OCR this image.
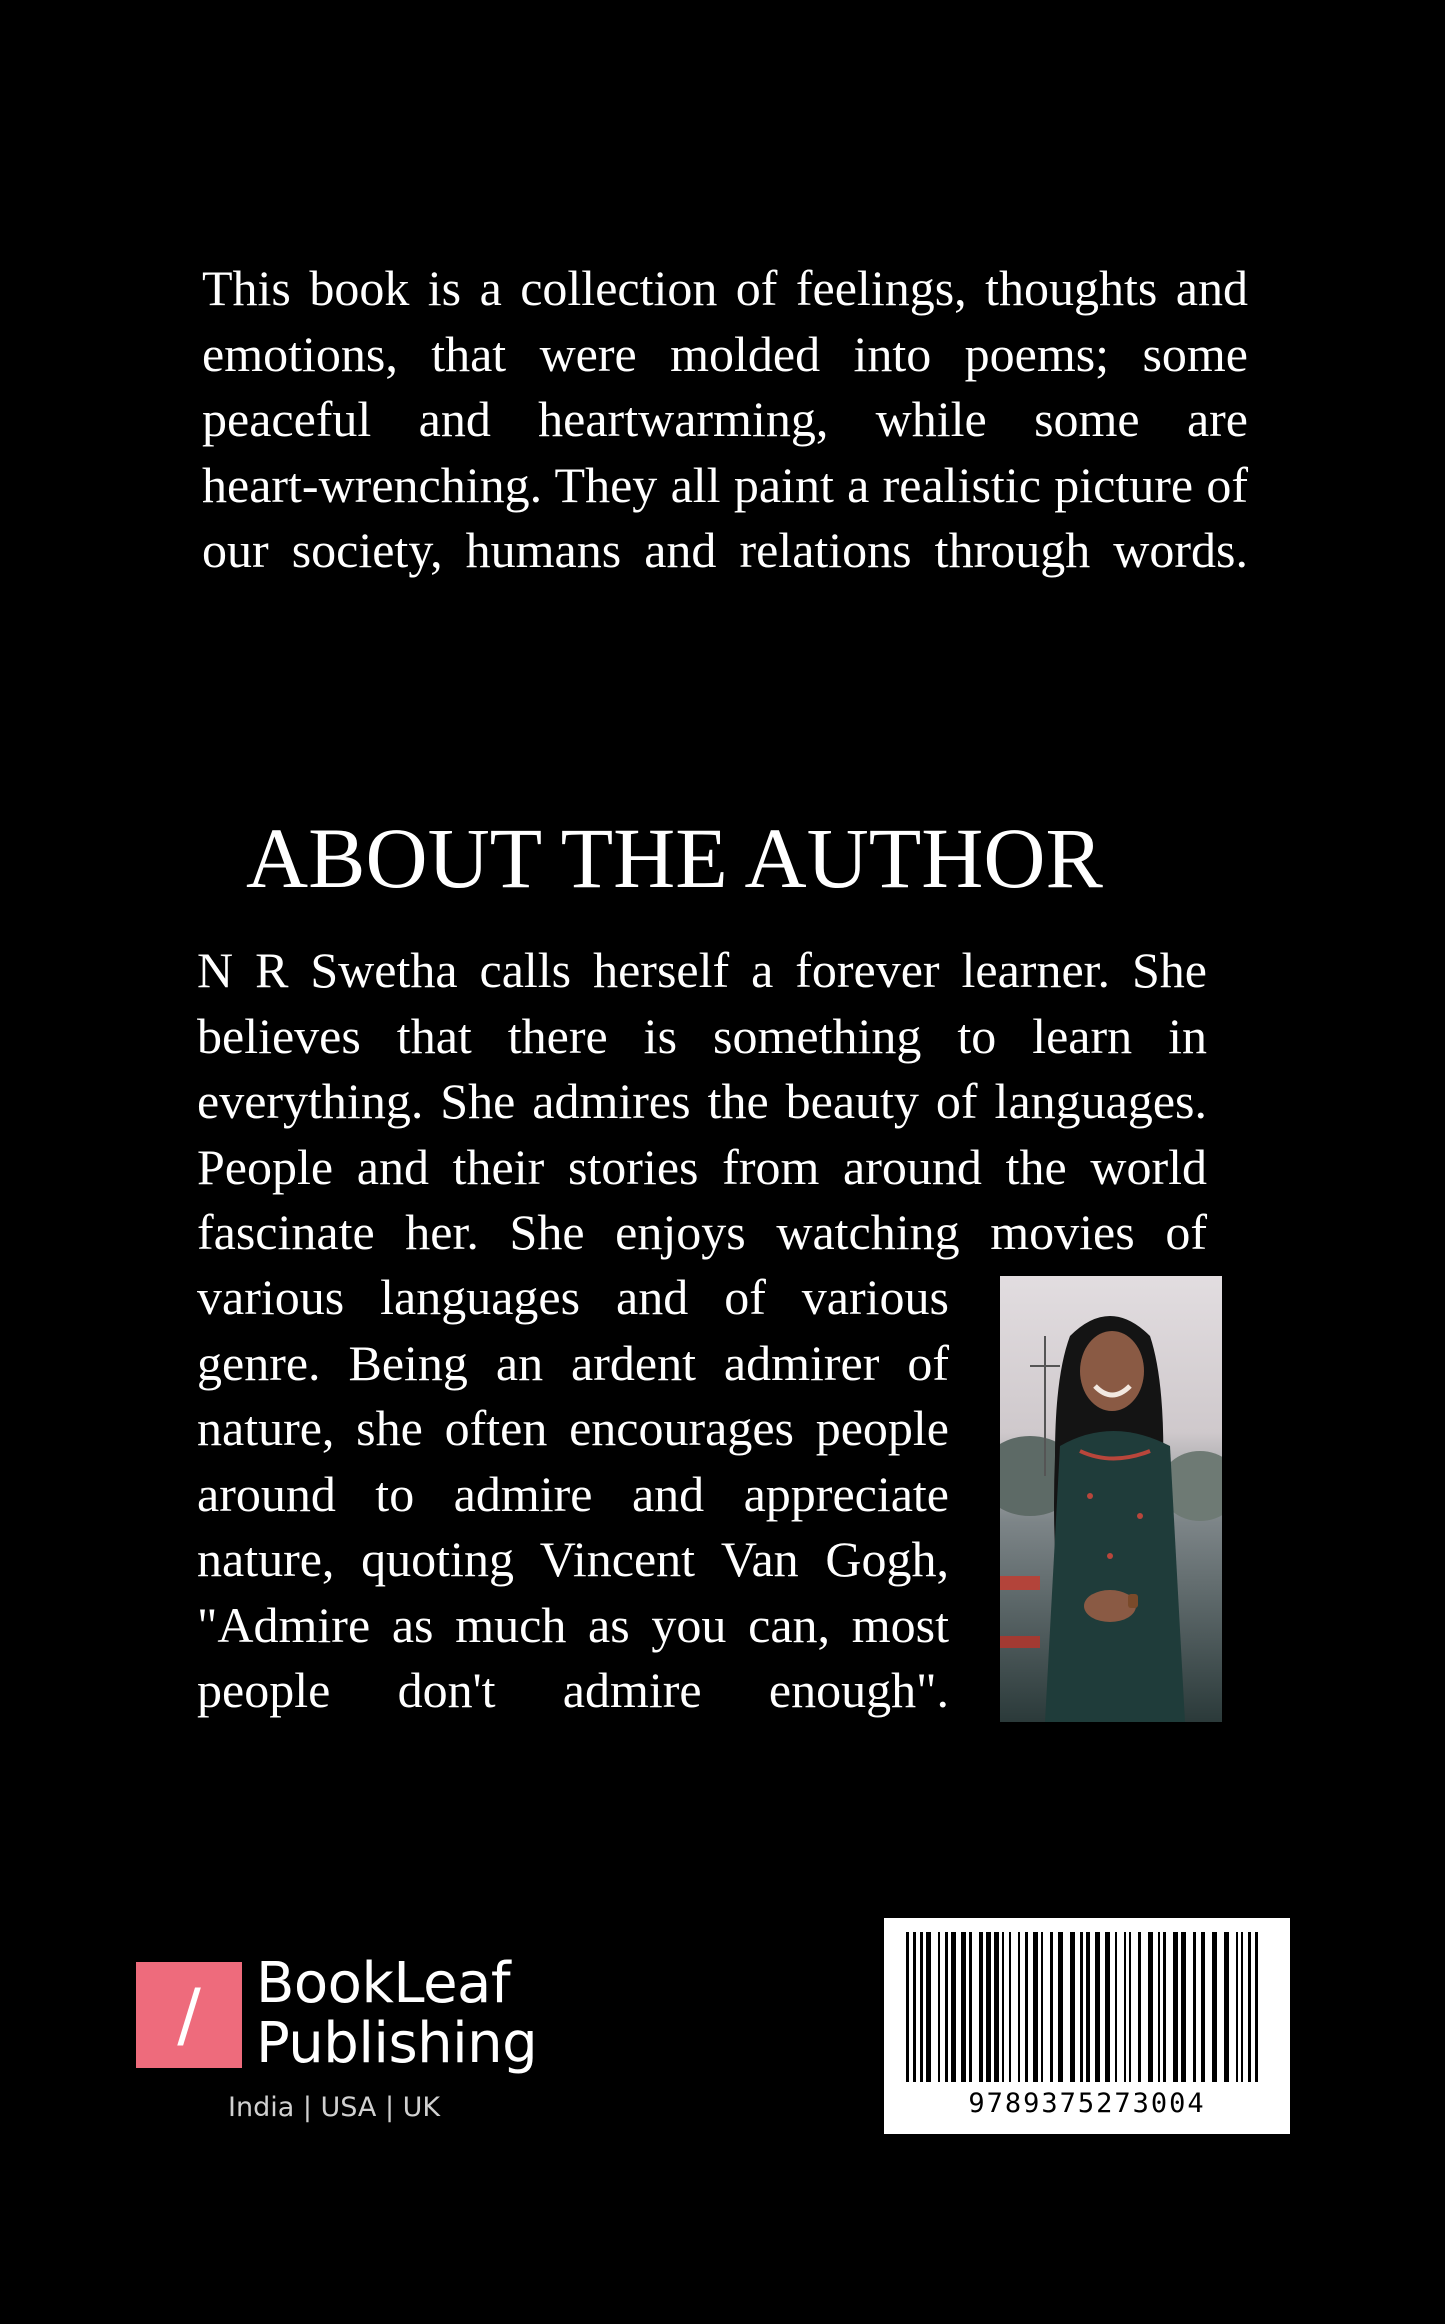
This book is a collection of feelings, thoughts and
emotions, that were molded into poems; some
peaceful and heartwarming, while some are
heart-wrenching. They all paint a realistic picture of
our society, humans and relations through words.
ABOUT THE AUTHOR
N R Swetha calls herself a forever learner. She
believes that there is something to learn in
everything. She admires the beauty of languages.
People and their stories from around the world
fascinate her. She enjoys watching movies of
various languages and of various
genre. Being an ardent admirer of
nature, she often encourages people
around to admire and appreciate
nature, quoting Vincent Van Gogh,
"Admire as much as you can, most
people don't admire enough".
/ BookLeaf
Publishing
India | USA | UK	9789375273004
